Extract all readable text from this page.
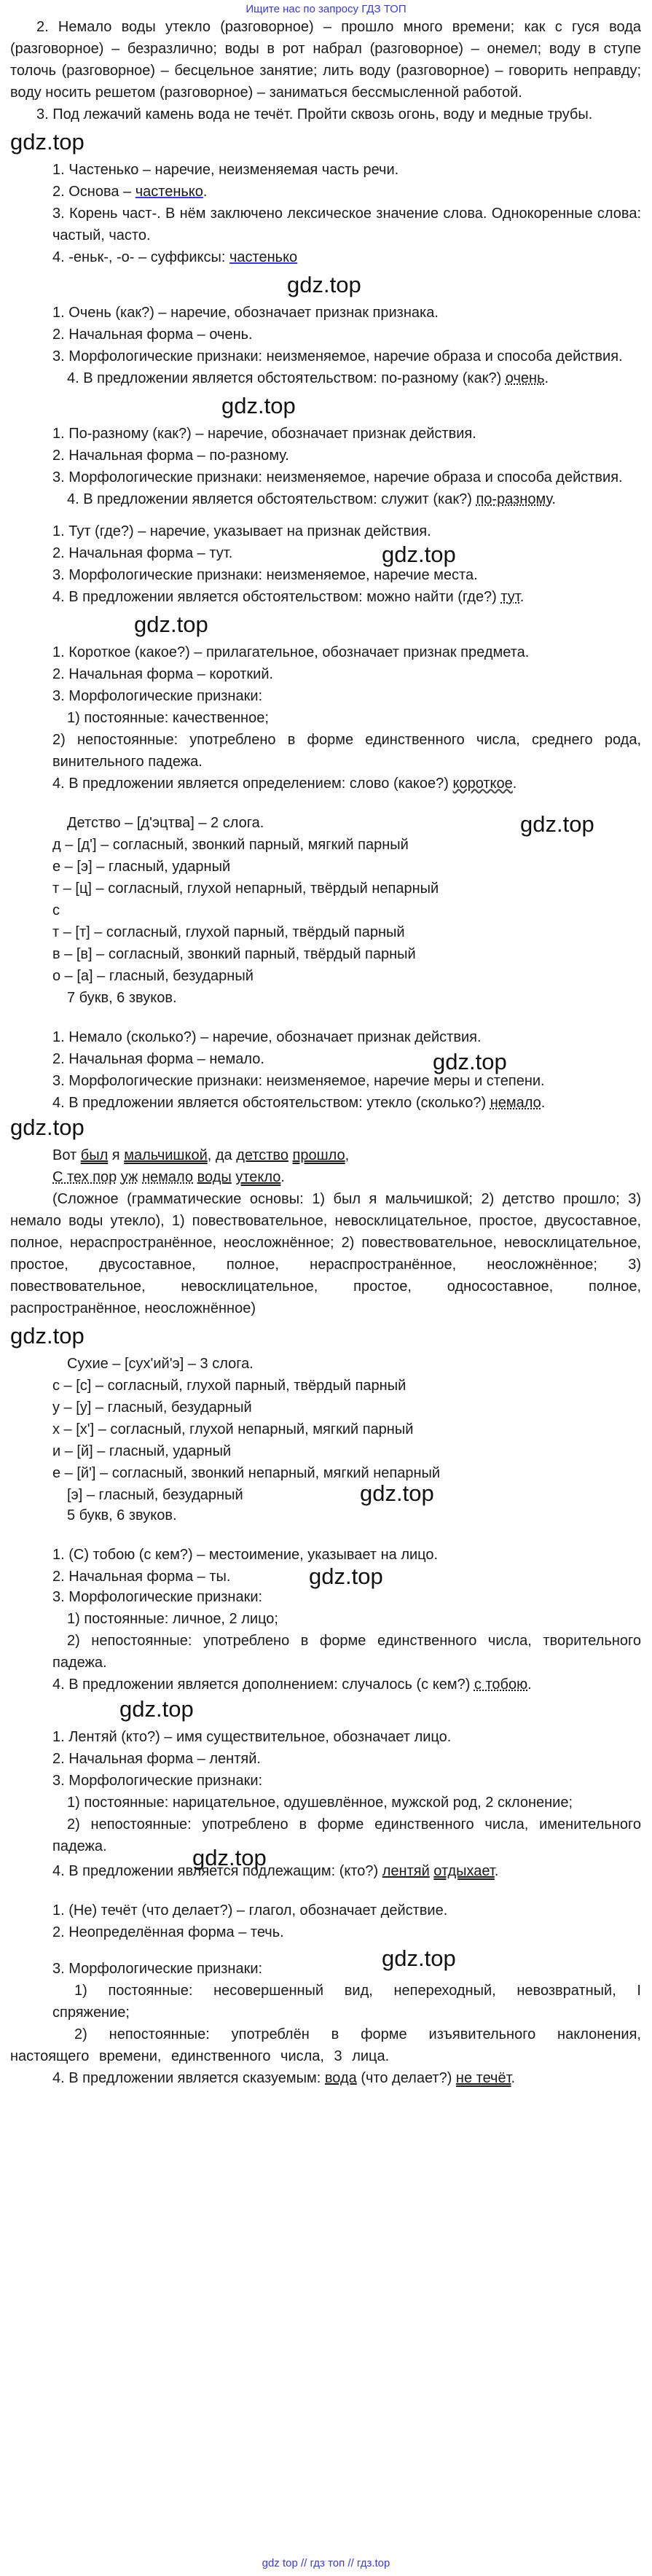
Ищите нас по запросу ГДЗ ТОП

2. Немало воды утекло (разговорное) – прошло много времени; как с гуся вода (разговорное) – безразлично; воды в рот набрал (разговорное) – онемел; воду в ступе толочь (разговорное) – бесцельное занятие; лить воду (разговорное) – говорить неправду; воду носить решетом (разговорное) – заниматься бессмысленной работой.

3. Под лежачий камень вода не течёт. Пройти сквозь огонь, воду и медные трубы.

gdz.top

1. Частенько – наречие, неизменяемая часть речи.

2. Основа – частенько.

3. Корень част-. В нём заключено лексическое значение слова. Однокоренные слова: частый, часто.

4. -еньк-, -о- – суффиксы: частенько

gdz.top

1. Очень (как?) – наречие, обозначает признак признака.

2. Начальная форма – очень.

3. Морфологические признаки: неизменяемое, наречие образа и способа действия.

4. В предложении является обстоятельством: по-разному (как?) очень.

gdz.top

1. По-разному (как?) – наречие, обозначает признак действия.

2. Начальная форма – по-разному.

3. Морфологические признаки: неизменяемое, наречие образа и способа действия.

4. В предложении является обстоятельством: служит (как?) по-разному.

1. Тут (где?) – наречие, указывает на признак действия.

2. Начальная форма – тут.	gdz.top

3. Морфологические признаки: неизменяемое, наречие места.

4. В предложении является обстоятельством: можно найти (где?) тут.

gdz.top

1. Короткое (какое?) – прилагательное, обозначает признак предмета.

2. Начальная форма – короткий.

3. Морфологические признаки:

1) постоянные: качественное;

2) непостоянные: употреблено в форме единственного числа, среднего рода, винительного падежа.

4. В предложении является определением: слово (какое?) короткое.

gdz.top

Детство – [д'эцтва] – 2 слога.

д – [д'] – согласный, звонкий парный, мягкий парный

е – [э] – гласный, ударный

т – [ц] – согласный, глухой непарный, твёрдый непарный

с

т – [т] – согласный, глухой парный, твёрдый парный

в – [в] – согласный, звонкий парный, твёрдый парный

о – [а] – гласный, безударный

7 букв, 6 звуков.

1. Немало (сколько?) – наречие, обозначает признак действия.

2. Начальная форма – немало.	gdz.top

3. Морфологические признаки: неизменяемое, наречие меры и степени.

4. В предложении является обстоятельством: утекло (сколько?) немало.

gdz.top

Вот был я мальчишкой, да детство прошло,

С тех пор уж немало воды утекло.

(Сложное (грамматические основы: 1) был я мальчишкой; 2) детство прошло; 3) немало воды утекло), 1) повествовательное, невосклицательное, простое, двусоставное, полное, нераспространённое, неосложнённое; 2) повествовательное, невосклицательное, простое, двусоставное, полное, нераспространённое, неосложнённое; 3) повествовательное, невосклицательное, простое, односоставное, полное, распространённое, неосложнённое)

gdz.top

Сухие – [сух'ий'э] – 3 слога.

с – [с] – согласный, глухой парный, твёрдый парный

у – [у] – гласный, безударный

х – [х'] – согласный, глухой непарный, мягкий парный

и – [й] – гласный, ударный

е – [й'] – согласный, звонкий непарный, мягкий непарный

[э] – гласный, безударный	gdz.top

5 букв, 6 звуков.

1. (С) тобою (с кем?) – местоимение, указывает на лицо.

2. Начальная форма – ты.	gdz.top

3. Морфологические признаки:

1) постоянные: личное, 2 лицо;

2) непостоянные: употреблено в форме единственного числа, творительного падежа.

4. В предложении является дополнением: случалось (с кем?) с тобою.

gdz.top

1. Лентяй (кто?) – имя существительное, обозначает лицо.

2. Начальная форма – лентяй.

3. Морфологические признаки:

1) постоянные: нарицательное, одушевлённое, мужской род, 2 склонение;

2) непостоянные: употреблено в форме единственного числа, именительного падежа.	gdz.top

4. В предложении является подлежащим: (кто?) лентяй отдыхает.

1. (Не) течёт (что делает?) – глагол, обозначает действие.

2. Неопределённая форма – течь.

gdz.top

3. Морфологические признаки:

1) постоянные: несовершенный вид, непереходный, невозвратный, I спряжение;

2) непостоянные: употреблён в форме изъявительного наклонения, настоящего времени, единственного числа, 3 лица.

4. В предложении является сказуемым: вода (что делает?) не течёт.

gdz top // гдз топ // гдз.top
